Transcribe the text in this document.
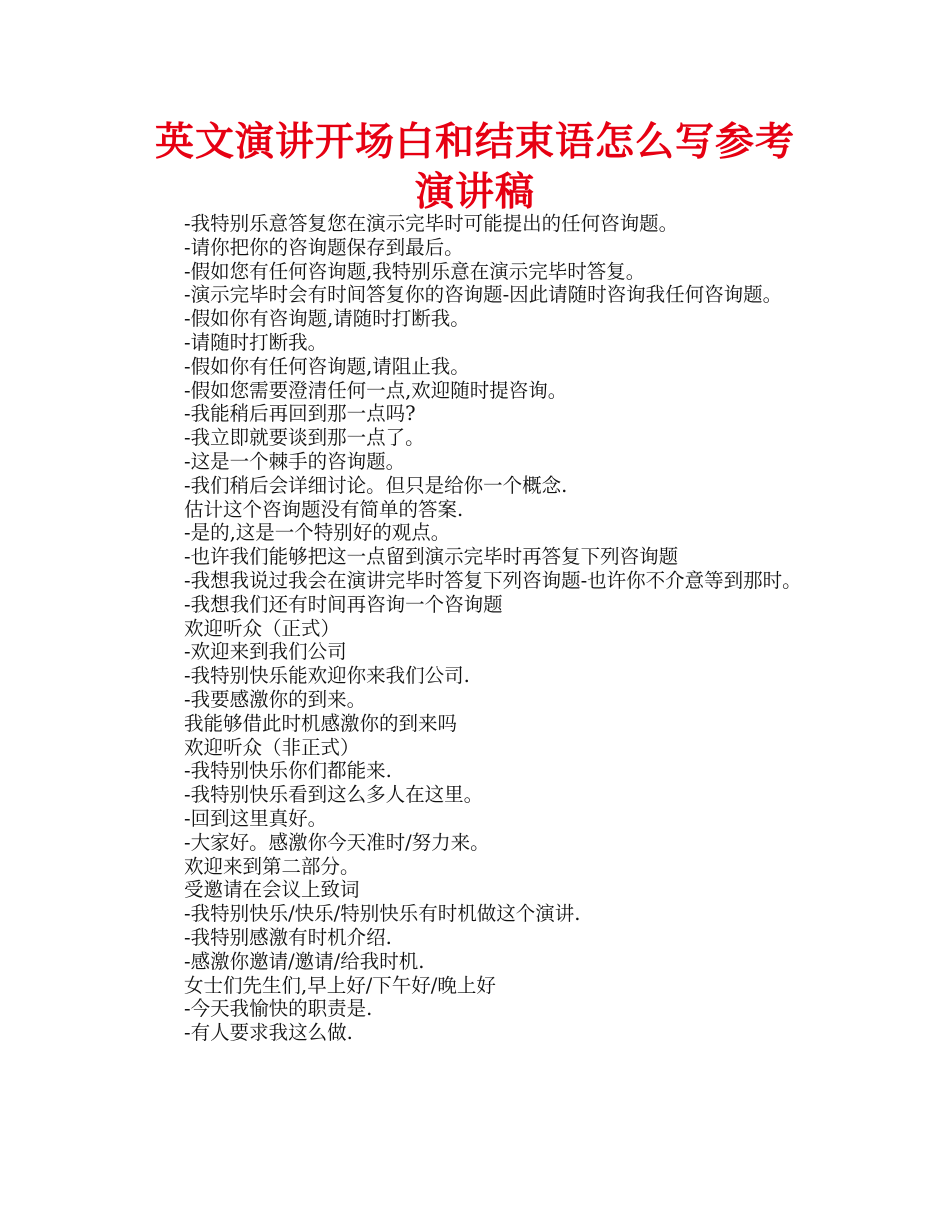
英文演讲开场白和结束语怎么写参考演讲稿

-我特别乐意答复您在演示完毕时可能提出的任何咨询题。

-请你把你的咨询题保存到最后。

-假如您有任何咨询题,我特别乐意在演示完毕时答复。

-演示完毕时会有时间答复你的咨询题-因此请随时咨询我任何咨询题。

-假如你有咨询题,请随时打断我。

-请随时打断我。

-假如你有任何咨询题,请阻止我。

-假如您需要澄清任何一点,欢迎随时提咨询。

-我能稍后再回到那一点吗?

-我立即就要谈到那一点了。

-这是一个棘手的咨询题。

-我们稍后会详细讨论。但只是给你一个概念.

估计这个咨询题没有简单的答案.

-是的,这是一个特别好的观点。

-也许我们能够把这一点留到演示完毕时再答复下列咨询题

-我想我说过我会在演讲完毕时答复下列咨询题-也许你不介意等到那时。

-我想我们还有时间再咨询一个咨询题

欢迎听众（正式）

-欢迎来到我们公司

-我特别快乐能欢迎你来我们公司.

-我要感激你的到来。

我能够借此时机感激你的到来吗

欢迎听众（非正式）

-我特别快乐你们都能来.

-我特别快乐看到这么多人在这里。

-回到这里真好。

-大家好。感激你今天准时/努力来。

欢迎来到第二部分。

受邀请在会议上致词

-我特别快乐/快乐/特别快乐有时机做这个演讲.

-我特别感激有时机介绍.

-感激你邀请/邀请/给我时机.

女士们先生们,早上好/下午好/晚上好

-今天我愉快的职责是.

-有人要求我这么做.
